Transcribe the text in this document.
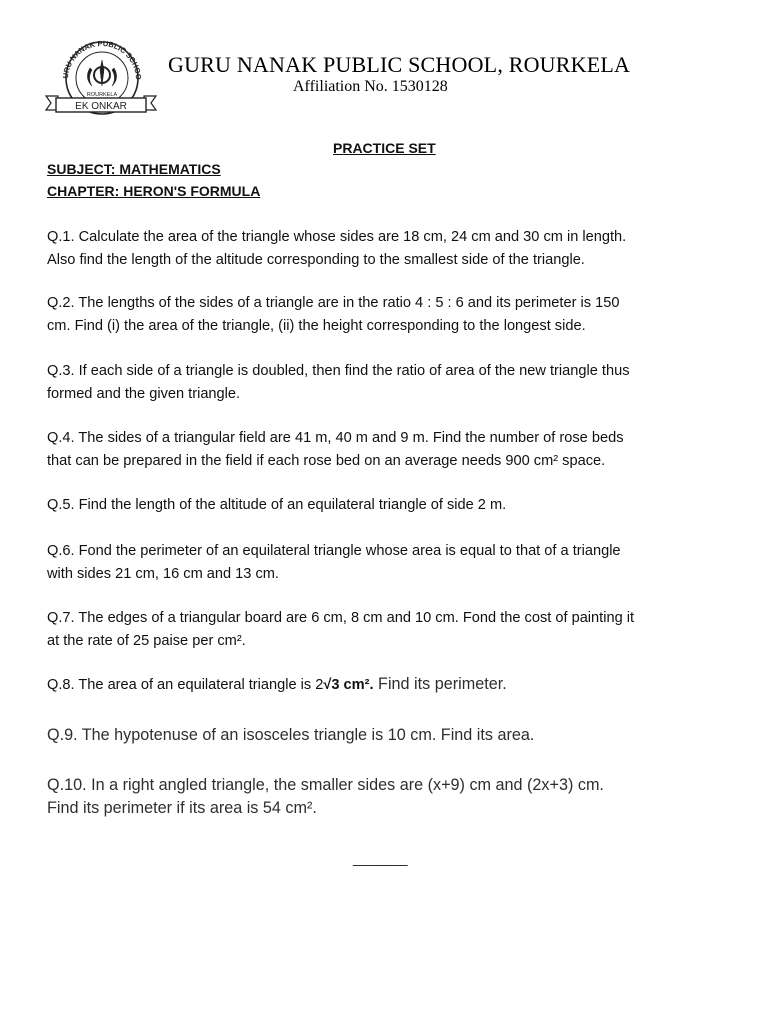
URU NANAK PUBLIC SCHOO
ROURKELA
EK ONKAR
GURU NANAK PUBLIC SCHOOL, ROURKELA
Affiliation No. 1530128
PRACTICE SET
SUBJECT: MATHEMATICS
CHAPTER: HERON'S FORMULA
Q.1. Calculate the area of the triangle whose sides are 18 cm, 24 cm and 30 cm in length.
Also find the length of the altitude corresponding to the smallest side of the triangle.
Q.2. The lengths of the sides of a triangle are in the ratio 4 : 5 : 6 and its perimeter is 150
cm. Find (i) the area of the triangle, (ii) the height corresponding to the longest side.
Q.3. If each side of a triangle is doubled, then find the ratio of area of the new triangle thus
formed and the given triangle.
Q.4. The sides of a triangular field are 41 m, 40 m and 9 m. Find the number of rose beds
that can be prepared in the field if each rose bed on an average needs 900 cm² space.
Q.5. Find the length of the altitude of an equilateral triangle of side 2 m.
Q.6. Fond the perimeter of an equilateral triangle whose area is equal to that of a triangle
with sides 21 cm, 16 cm and 13 cm.
Q.7. The edges of a triangular board are 6 cm, 8 cm and 10 cm. Fond the cost of painting it
at the rate of 25 paise per cm².
Q.8. The area of an equilateral triangle is 2√3 cm². Find its perimeter.
Q.9. The hypotenuse of an isosceles triangle is 10 cm. Find its area.
Q.10. In a right angled triangle, the smaller sides are (x+9) cm and (2x+3) cm.
Find its perimeter if its area is 54 cm².
_______
